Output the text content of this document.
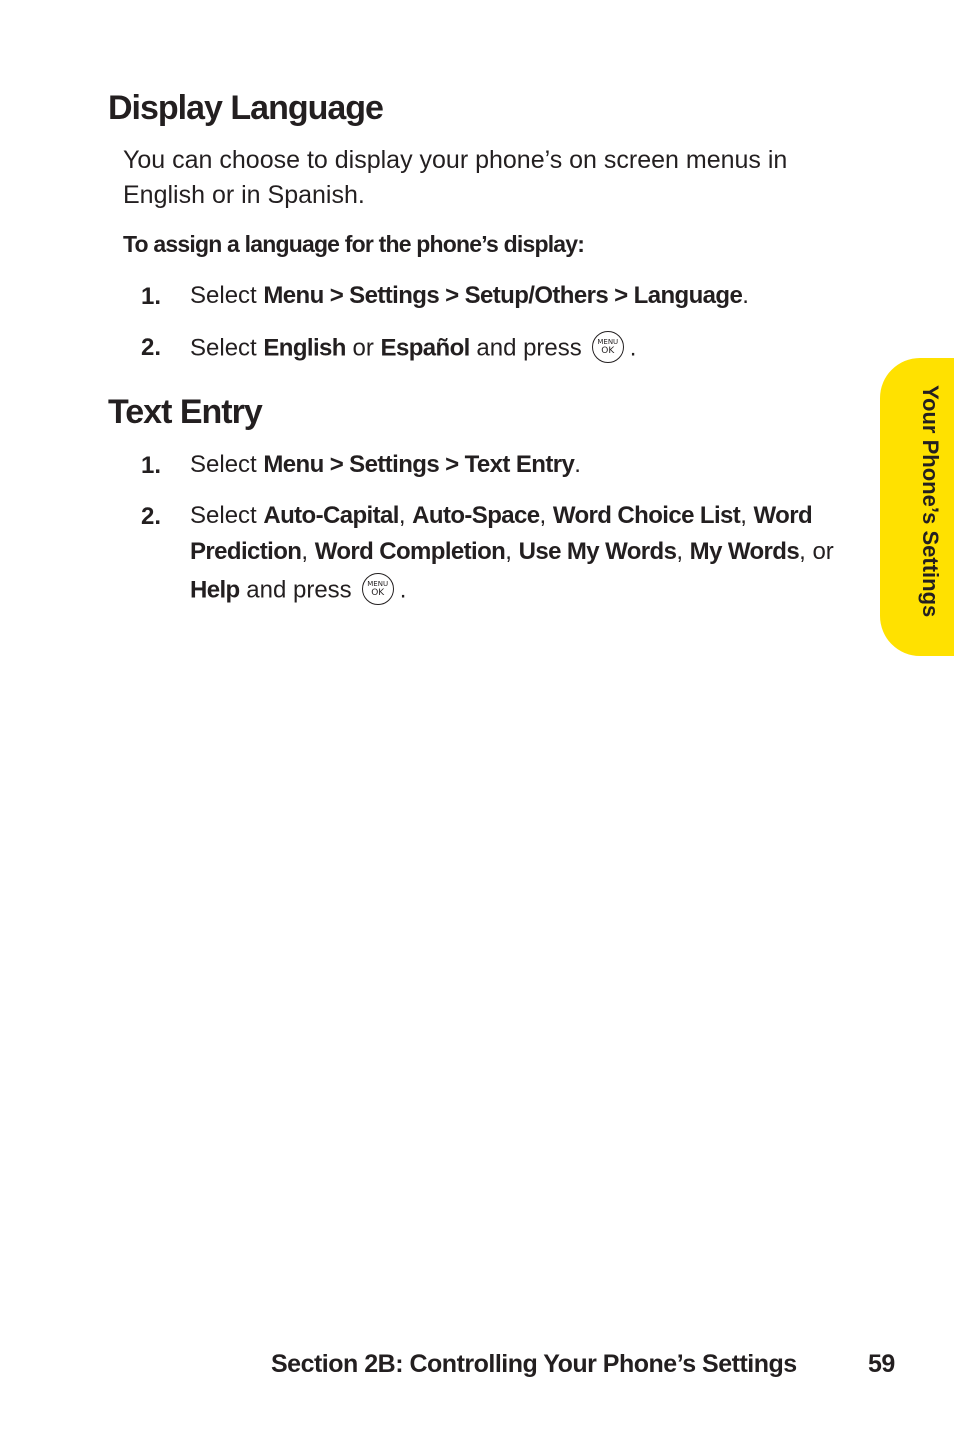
Display Language
You can choose to display your phone’s on screen menus in
English or in Spanish.
To assign a language for the phone’s display:
1. Select Menu > Settings > Setup/Others > Language.
2. Select English or Español and press	MENU
OK .
Text Entry
1. Select Menu > Settings > Text Entry.
2. Select Auto-Capital, Auto-Space, Word Choice List, Word
Prediction, Word Completion, Use My Words, My Words, or
Help and press	MENU
OK .	Your Phone’s Settings
Section 2B: Controlling Your Phone’s Settings	59
